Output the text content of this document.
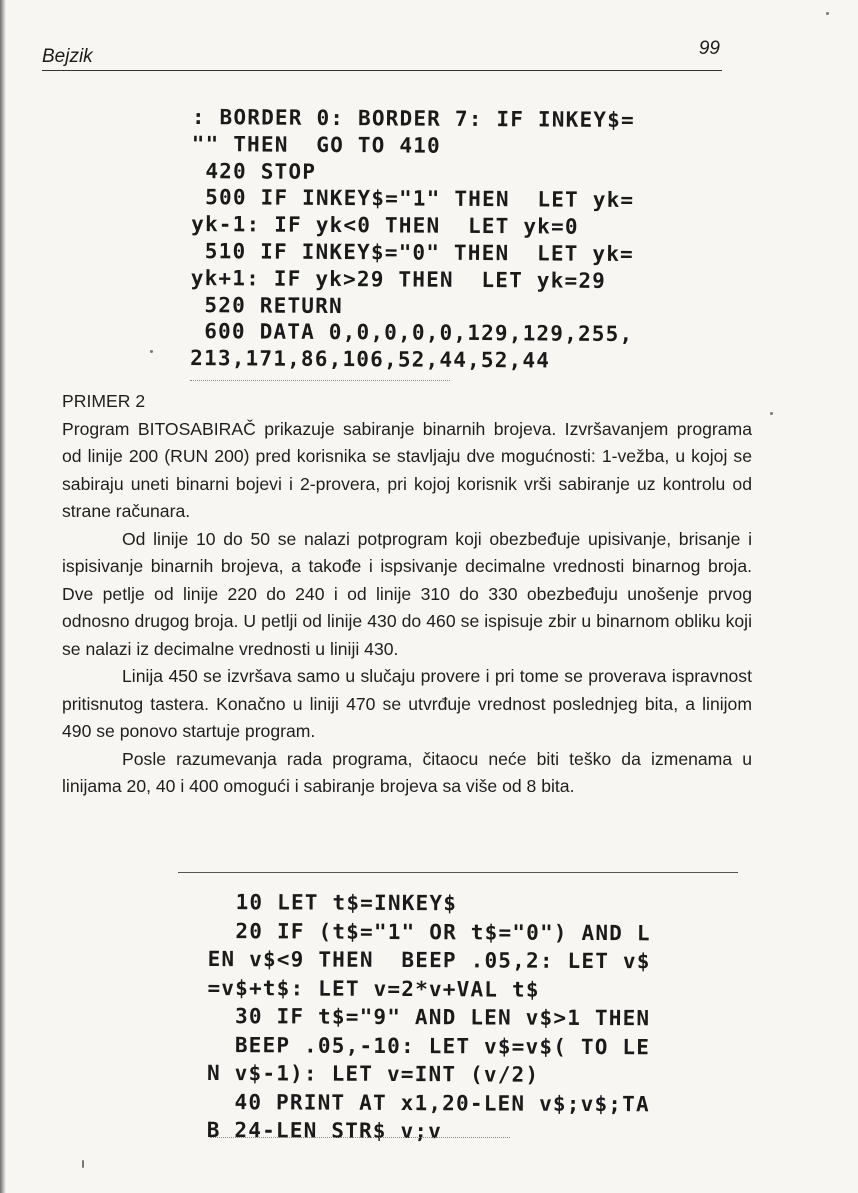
Bejzik	99
: BORDER 0: BORDER 7: IF INKEY$=
"" THEN  GO TO 410
420 STOP
500 IF INKEY$="1" THEN  LET yk=
yk-1: IF yk<0 THEN  LET yk=0
510 IF INKEY$="0" THEN  LET yk=
yk+1: IF yk>29 THEN  LET yk=29
520 RETURN
600 DATA 0,0,0,0,0,129,129,255,
213,171,86,106,52,44,52,44
PRIMER 2

Program BITOSABIRAČ prikazuje sabiranje binarnih brojeva. Izvršavanjem programa od linije 200 (RUN 200) pred korisnika se stavljaju dve mogućnosti: 1-vežba, u kojoj se sabiraju uneti binarni bojevi i 2-provera, pri kojoj korisnik vrši sabiranje uz kontrolu od strane računara.

Od linije 10 do 50 se nalazi potprogram koji obezbeđuje upisivanje, brisanje i ispisivanje binarnih brojeva, a takođe i ispsivanje decimalne vrednosti binarnog broja. Dve petlje od linije 220 do 240 i od linije 310 do 330 obezbeđuju unošenje prvog odnosno drugog broja. U petlji od linije 430 do 460 se ispisuje zbir u binarnom obliku koji se nalazi iz decimalne vrednosti u liniji 430.

Linija 450 se izvršava samo u slučaju provere i pri tome se proverava ispravnost pritisnutog tastera. Konačno u liniji 470 se utvrđuje vrednost poslednjeg bita, a linijom 490 se ponovo startuje program.

Posle razumevanja rada programa, čitaocu neće biti teško da izmenama u linijama 20, 40 i 400 omogući i sabiranje brojeva sa više od 8 bita.

10 LET t$=INKEY$
20 IF (t$="1" OR t$="0") AND L
EN v$<9 THEN  BEEP .05,2: LET v$
=v$+t$: LET v=2*v+VAL t$
30 IF t$="9" AND LEN v$>1 THEN
BEEP .05,-10: LET v$=v$( TO LE
N v$-1): LET v=INT (v/2)
40 PRINT AT x1,20-LEN v$;v$;TA
B 24-LEN STR$ v;v
